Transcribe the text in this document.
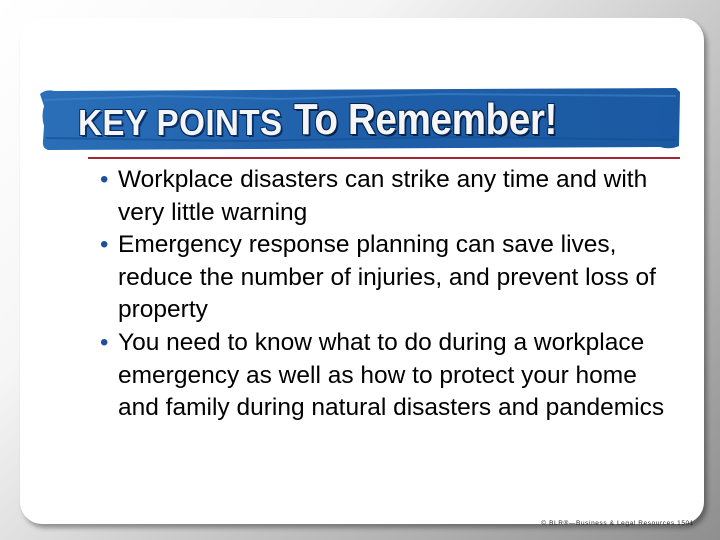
KEY POINTS To Remember!
• Workplace disasters can strike any time and with very little warning
• Emergency response planning can save lives, reduce the number of injuries, and prevent loss of property
• You need to know what to do during a workplace emergency as well as how to protect your home and family during natural disasters and pandemics
© BLR®—Business & Legal Resources 1501
